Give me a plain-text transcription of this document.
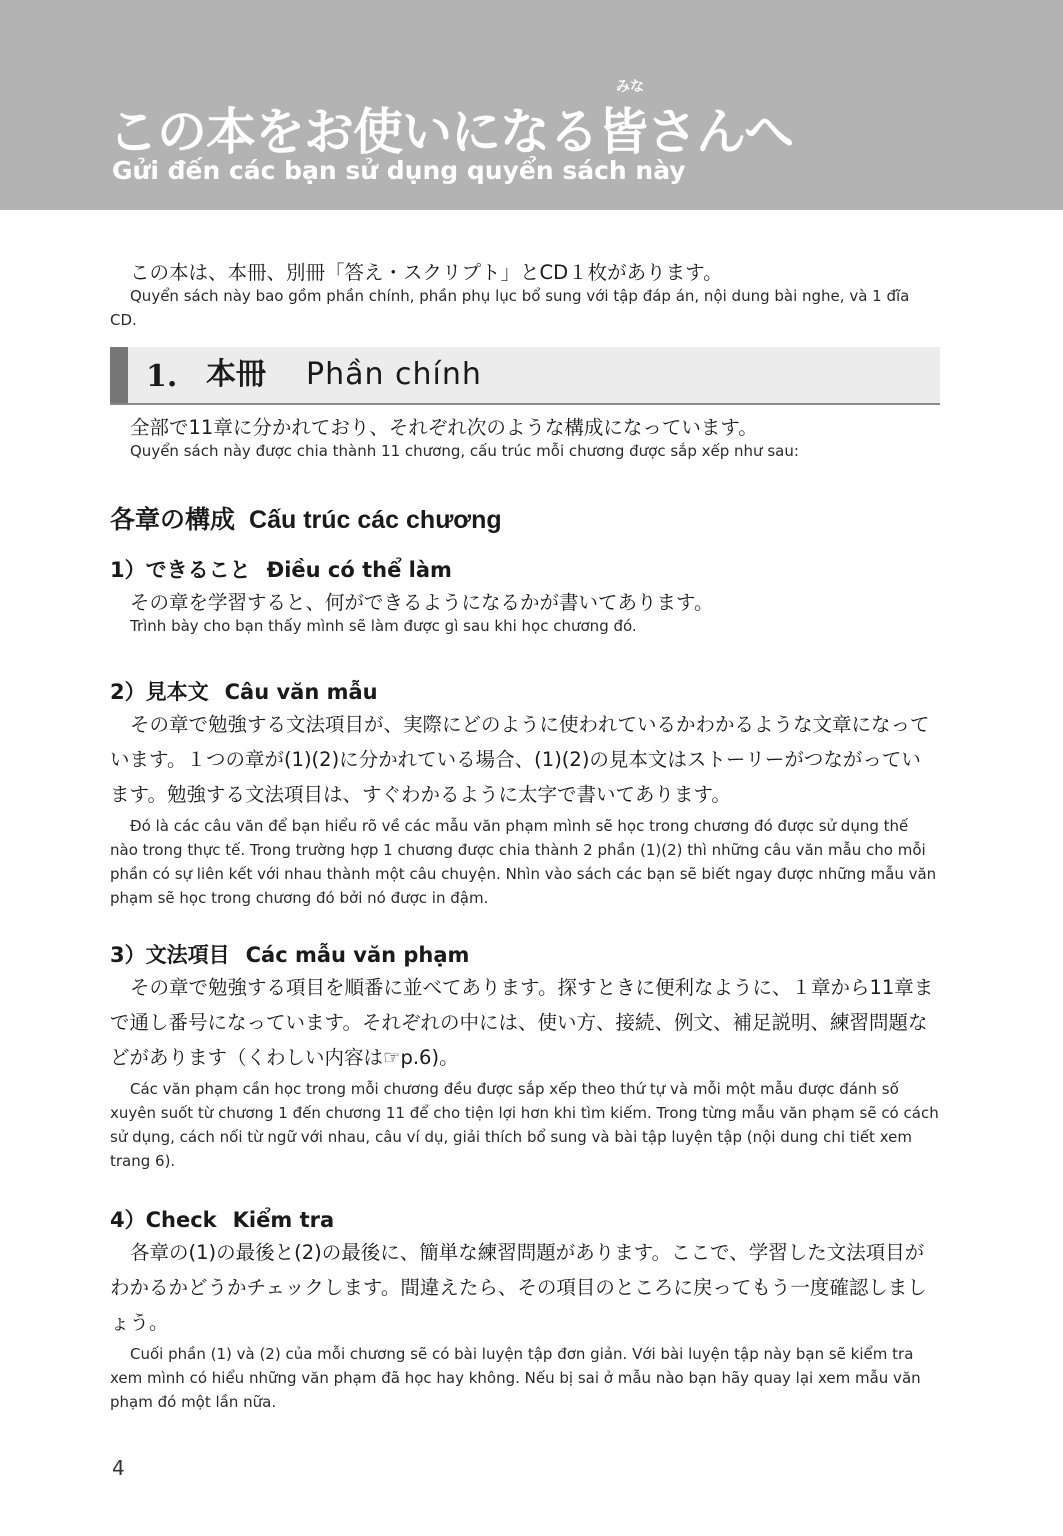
みな
この本をお使いになる皆さんへ
Gửi đến các bạn sử dụng quyển sách này
この本は、本冊、別冊「答え・スクリプト」とCD１枚があります。
Quyển sách này bao gồm phần chính, phần phụ lục bổ sung với tập đáp án, nội dung bài nghe, và 1 đĩa CD.
1. 本冊 Phần chính
全部で11章に分かれており、それぞれ次のような構成になっています。
Quyển sách này được chia thành 11 chương, cấu trúc mỗi chương được sắp xếp như sau:
各章の構成 Cấu trúc các chương
1）できること Điều có thể làm
その章を学習すると、何ができるようになるかが書いてあります。
Trình bày cho bạn thấy mình sẽ làm được gì sau khi học chương đó.
2）見本文 Câu văn mẫu
その章で勉強する文法項目が、実際にどのように使われているかわかるような文章になっています。１つの章が(1)(2)に分かれている場合、(1)(2)の見本文はストーリーがつながっています。勉強する文法項目は、すぐわかるように太字で書いてあります。
Đó là các câu văn để bạn hiểu rõ về các mẫu văn phạm mình sẽ học trong chương đó được sử dụng thế nào trong thực tế. Trong trường hợp 1 chương được chia thành 2 phần (1)(2) thì những câu văn mẫu cho mỗi phần có sự liên kết với nhau thành một câu chuyện. Nhìn vào sách các bạn sẽ biết ngay được những mẫu văn phạm sẽ học trong chương đó bởi nó được in đậm.
3）文法項目 Các mẫu văn phạm
その章で勉強する項目を順番に並べてあります。探すときに便利なように、１章から11章まで通し番号になっています。それぞれの中には、使い方、接続、例文、補足説明、練習問題などがあります（くわしい内容は☞p.6)。
Các văn phạm cần học trong mỗi chương đều được sắp xếp theo thứ tự và mỗi một mẫu được đánh số xuyên suốt từ chương 1 đến chương 11 để cho tiện lợi hơn khi tìm kiếm. Trong từng mẫu văn phạm sẽ có cách sử dụng, cách nối từ ngữ với nhau, câu ví dụ, giải thích bổ sung và bài tập luyện tập (nội dung chi tiết xem trang 6).
4）Check Kiểm tra
各章の(1)の最後と(2)の最後に、簡単な練習問題があります。ここで、学習した文法項目がわかるかどうかチェックします。間違えたら、その項目のところに戻ってもう一度確認しましょう。
Cuối phần (1) và (2) của mỗi chương sẽ có bài luyện tập đơn giản. Với bài luyện tập này bạn sẽ kiểm tra xem mình có hiểu những văn phạm đã học hay không. Nếu bị sai ở mẫu nào bạn hãy quay lại xem mẫu văn phạm đó một lần nữa.
4
